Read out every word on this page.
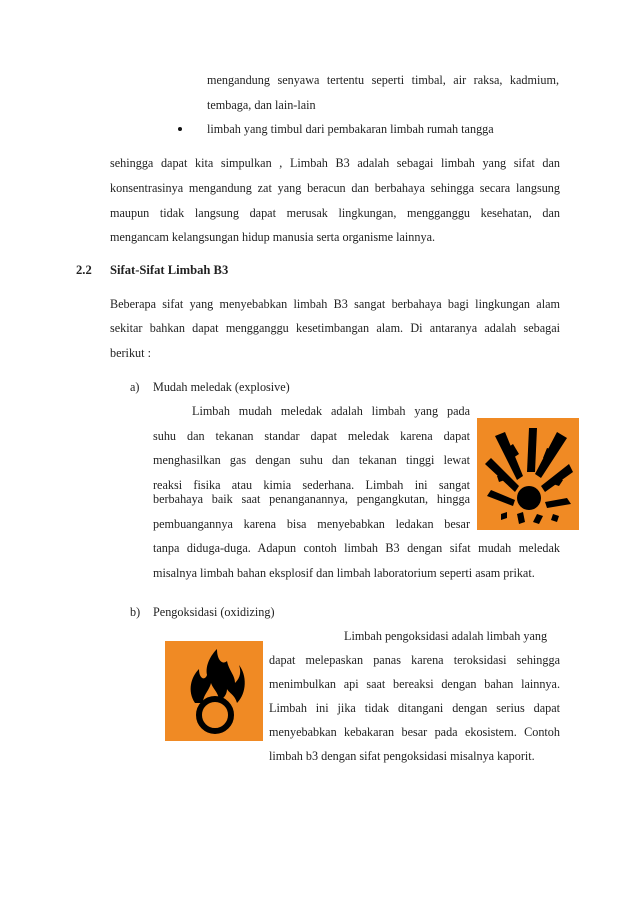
mengandung senyawa tertentu seperti timbal, air raksa, kadmium,
tembaga, dan lain-lain
limbah yang timbul dari pembakaran limbah rumah tangga
sehingga dapat kita simpulkan , Limbah B3 adalah sebagai limbah yang sifat dan
konsentrasinya mengandung zat yang beracun dan berbahaya sehingga secara langsung
maupun tidak langsung dapat merusak lingkungan, mengganggu kesehatan, dan
mengancam kelangsungan hidup manusia serta organisme lainnya.
2.2 Sifat-Sifat Limbah B3
Beberapa sifat yang menyebabkan limbah B3 sangat berbahaya bagi lingkungan alam
sekitar bahkan dapat mengganggu kesetimbangan alam. Di antaranya adalah sebagai
berikut :
a) Mudah meledak (explosive)
Limbah mudah meledak adalah limbah yang pada
suhu dan tekanan standar dapat meledak karena dapat
menghasilkan gas dengan suhu dan tekanan tinggi lewat
reaksi fisika atau kimia sederhana. Limbah ini sangat
berbahaya baik saat penanganannya, pengangkutan, hingga
pembuangannya karena bisa menyebabkan ledakan besar
tanpa diduga-duga. Adapun contoh limbah B3 dengan sifat mudah meledak
misalnya limbah bahan eksplosif dan limbah laboratorium seperti asam prikat.
b) Pengoksidasi (oxidizing)
Limbah pengoksidasi adalah limbah yang
dapat melepaskan panas karena teroksidasi sehingga
menimbulkan api saat bereaksi dengan bahan lainnya.
Limbah ini jika tidak ditangani dengan serius dapat
menyebabkan kebakaran besar pada ekosistem. Contoh
limbah b3 dengan sifat pengoksidasi misalnya kaporit.
